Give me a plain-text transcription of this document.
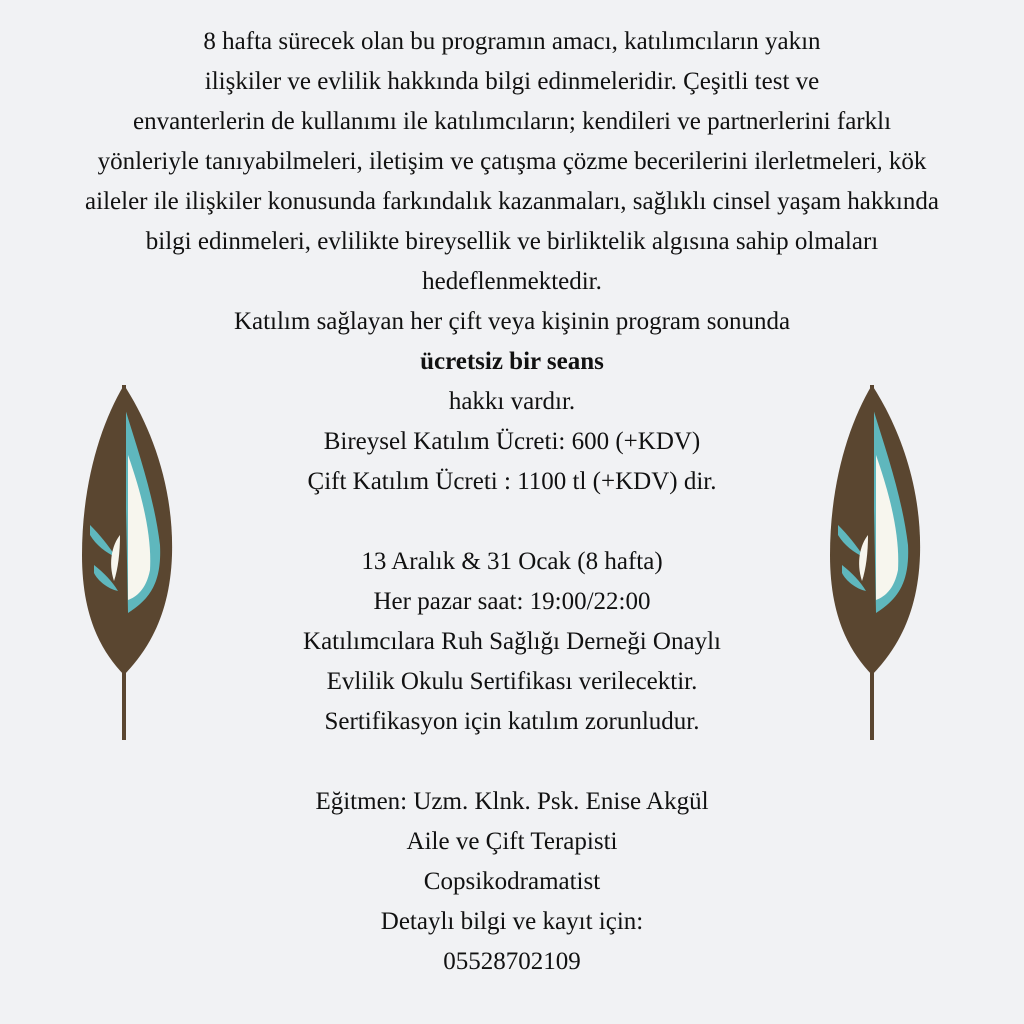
8 hafta sürecek olan bu programın amacı, katılımcıların yakın
ilişkiler ve evlilik hakkında bilgi edinmeleridir. Çeşitli test ve
envanterlerin de kullanımı ile katılımcıların; kendileri ve partnerlerini farklı
yönleriyle tanıyabilmeleri, iletişim ve çatışma çözme becerilerini ilerletmeleri, kök
aileler ile ilişkiler konusunda farkındalık kazanmaları, sağlıklı cinsel yaşam hakkında
bilgi edinmeleri, evlilikte bireysellik ve birliktelik algısına sahip olmaları
hedeflenmektedir.
Katılım sağlayan her çift veya kişinin program sonunda
ücretsiz bir seans
hakkı vardır.
Bireysel Katılım Ücreti: 600 (+KDV)
Çift Katılım Ücreti : 1100 tl (+KDV) dir.
13 Aralık & 31 Ocak (8 hafta)
Her pazar saat: 19:00/22:00
Katılımcılara Ruh Sağlığı Derneği Onaylı
Evlilik Okulu Sertifikası verilecektir.
Sertifikasyon için katılım zorunludur.
Eğitmen: Uzm. Klnk. Psk. Enise Akgül
Aile ve Çift Terapisti
Copsikodramatist
Detaylı bilgi ve kayıt için:
05528702109
